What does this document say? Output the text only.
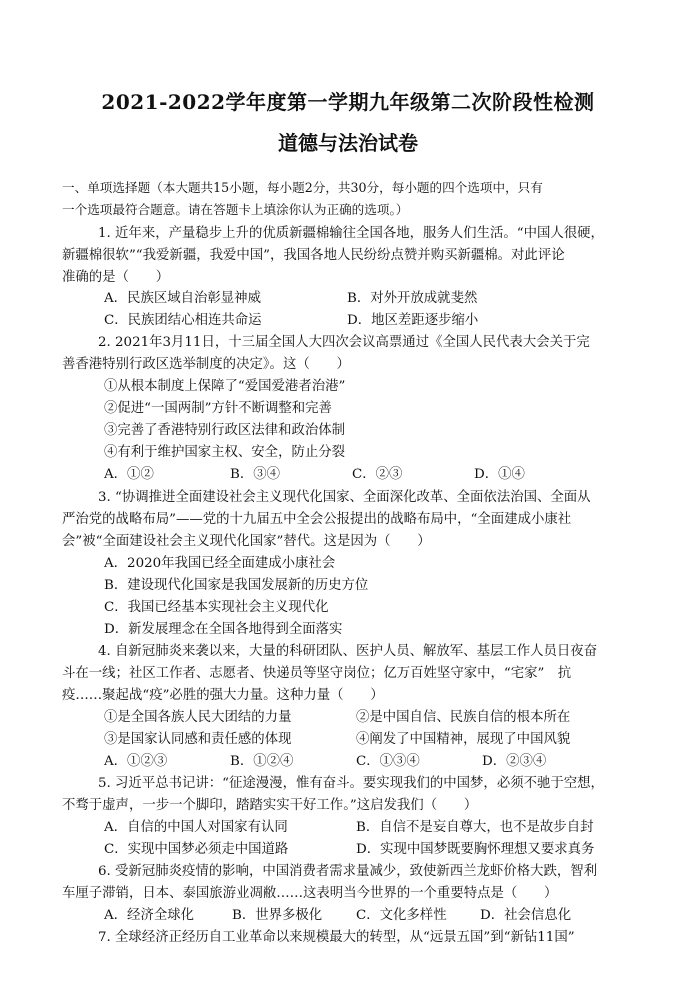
2021-2022学年度第一学期九年级第二次阶段性检测
道德与法治试卷
一、单项选择题（本大题共15小题，每小题2分，共30分，每小题的四个选项中，只有
一个选项最符合题意。请在答题卡上填涂你认为正确的选项。）
1. 近年来，产量稳步上升的优质新疆棉输往全国各地，服务人们生活。“中国人很硬，
新疆棉很软”“我爱新疆，我爱中国”，我国各地人民纷纷点赞并购买新疆棉。对此评论
准确的是（　　）
A．民族区域自治彰显神威	B．对外开放成就斐然
C．民族团结心相连共命运	D．地区差距逐步缩小
2. 2021年3月11日，十三届全国人大四次会议高票通过《全国人民代表大会关于完
善香港特别行政区选举制度的决定》。这（　　）
①从根本制度上保障了“爱国爱港者治港”
②促进“一国两制”方针不断调整和完善
③完善了香港特别行政区法律和政治体制
④有利于维护国家主权、安全，防止分裂
A．①②	B．③④	C．②③	D．①④
3. “协调推进全面建设社会主义现代化国家、全面深化改革、全面依法治国、全面从
严治党的战略布局”——党的十九届五中全会公报提出的战略布局中，“全面建成小康社
会”被“全面建设社会主义现代化国家”替代。这是因为（　　）
A．2020年我国已经全面建成小康社会
B．建设现代化国家是我国发展新的历史方位
C．我国已经基本实现社会主义现代化
D．新发展理念在全国各地得到全面落实
4. 自新冠肺炎来袭以来，大量的科研团队、医护人员、解放军、基层工作人员日夜奋
斗在一线；社区工作者、志愿者、快递员等坚守岗位；亿万百姓坚守家中，“宅家”　抗
疫……聚起战“疫”必胜的强大力量。这种力量（　　）
①是全国各族人民大团结的力量	②是中国自信、民族自信的根本所在
③是国家认同感和责任感的体现	④阐发了中国精神，展现了中国风貌
A．①②③	B．①②④	C．①③④	D．②③④
5. 习近平总书记讲：“征途漫漫，惟有奋斗。要实现我们的中国梦，必须不驰于空想，
不骛于虚声，一步一个脚印，踏踏实实干好工作。”这启发我们（　　）
A．自信的中国人对国家有认同	B．自信不是妄自尊大，也不是故步自封
C．实现中国梦必须走中国道路	D．实现中国梦既要胸怀理想又要求真务
6. 受新冠肺炎疫情的影响，中国消费者需求量减少，致使新西兰龙虾价格大跌，智利
车厘子滞销，日本、泰国旅游业凋敝……这表明当今世界的一个重要特点是（　　）
A．经济全球化	B．世界多极化	C．文化多样性 D．社会信息化
7. 全球经济正经历自工业革命以来规模最大的转型，从“远景五国”到“新钻11国”
